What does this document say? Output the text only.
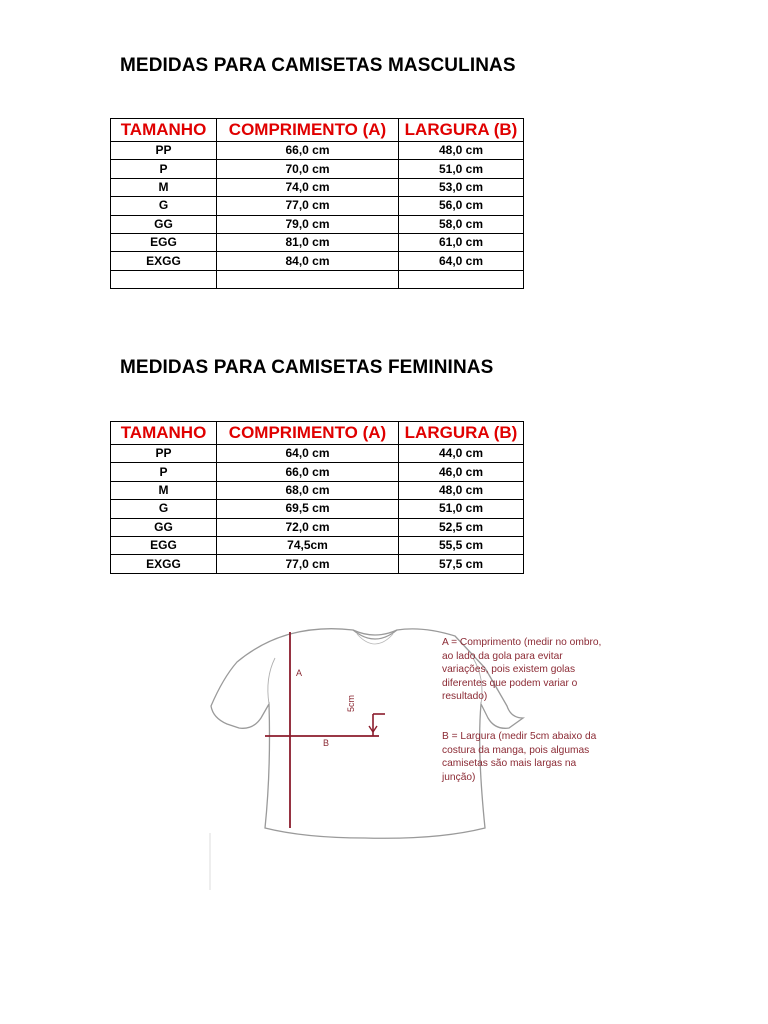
MEDIDAS PARA CAMISETAS MASCULINAS
TAMANHO	COMPRIMENTO (A)	LARGURA (B)
PP	66,0 cm	48,0 cm
P	70,0 cm	51,0 cm
M	74,0 cm	53,0 cm
G	77,0 cm	56,0 cm
GG	79,0 cm	58,0 cm
EGG	81,0 cm	61,0 cm
EXGG	84,0 cm	64,0 cm

MEDIDAS PARA CAMISETAS FEMININAS
TAMANHO	COMPRIMENTO (A)	LARGURA (B)
PP	64,0 cm	44,0 cm
P	66,0 cm	46,0 cm
M	68,0 cm	48,0 cm
G	69,5 cm	51,0 cm
GG	72,0 cm	52,5 cm
EGG	74,5cm	55,5 cm
EXGG	77,0 cm	57,5 cm
A
B
5cm

A = Comprimento (medir no ombro, ao lado da gola para evitar variações, pois existem golas diferentes que podem variar o resultado)

B = Largura (medir 5cm abaixo da costura da manga, pois algumas camisetas são mais largas na junção)
